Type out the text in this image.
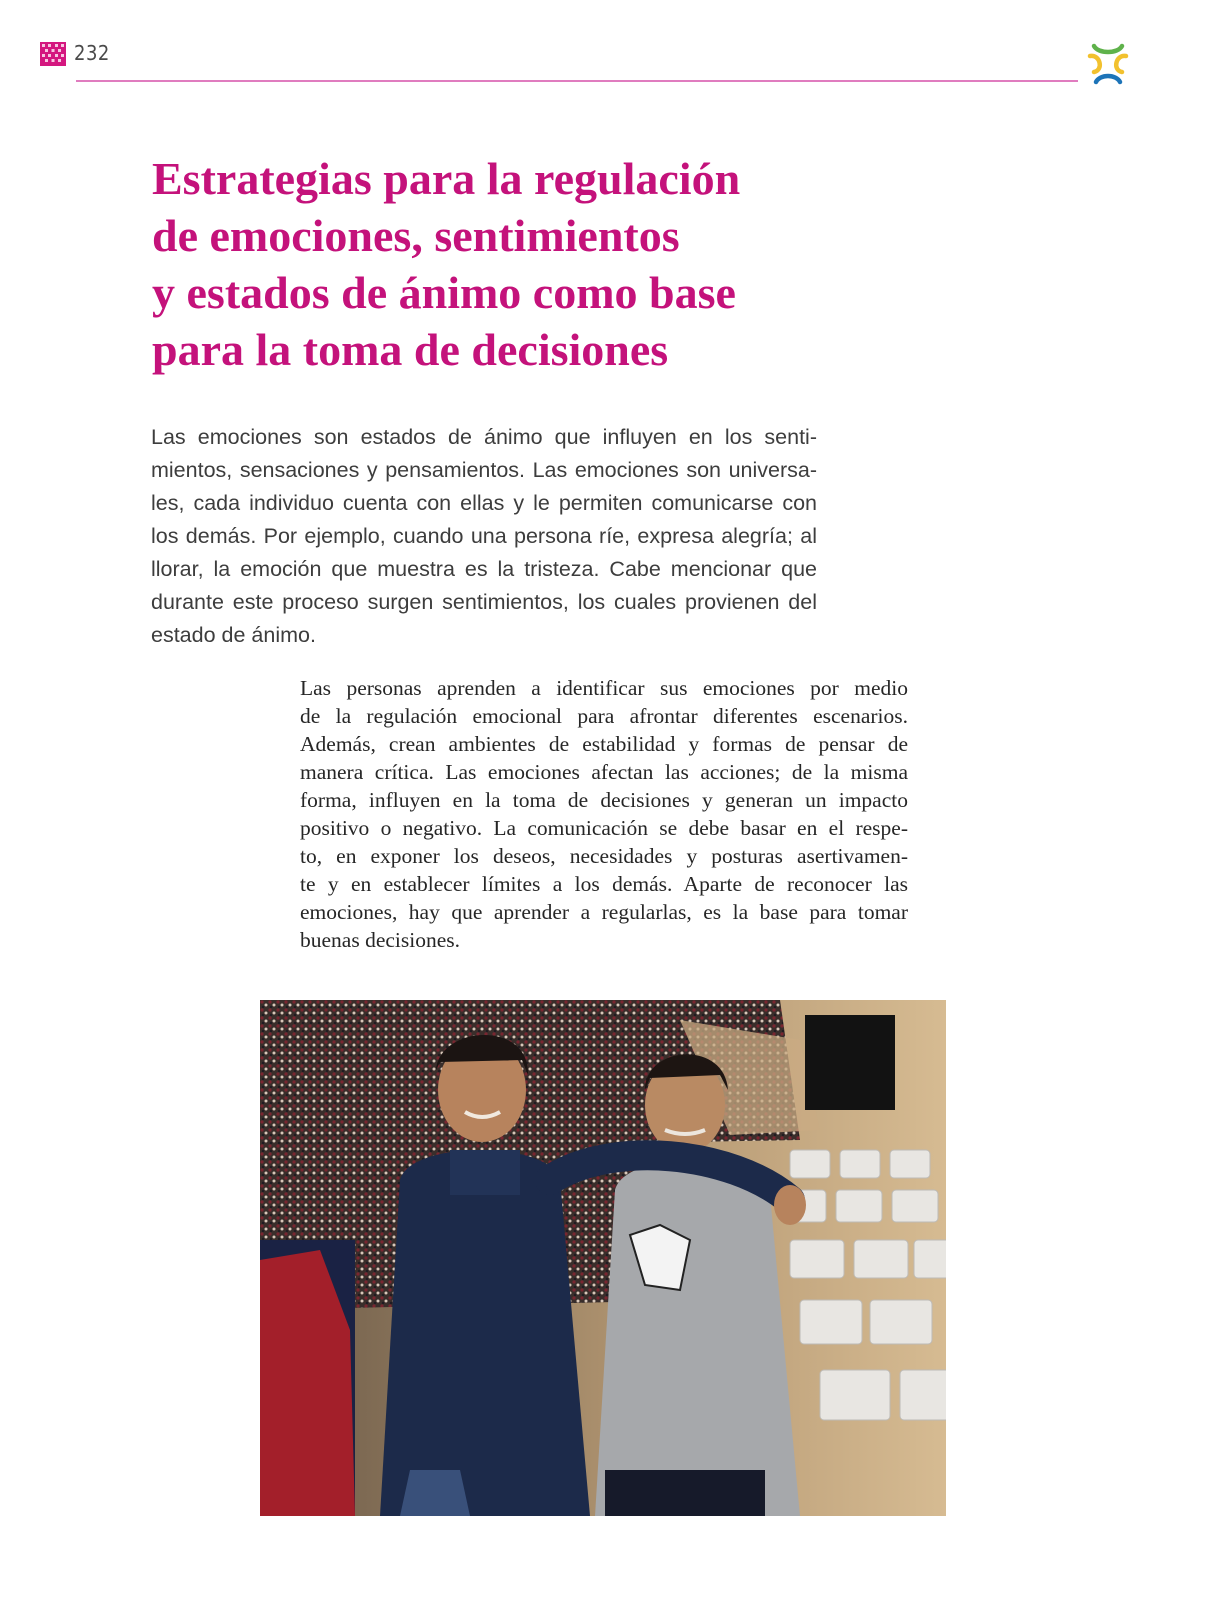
232
Estrategias para la regulación
de emociones, sentimientos
y estados de ánimo como base
para la toma de decisiones

Las emociones son estados de ánimo que influyen en los senti-
mientos, sensaciones y pensamientos. Las emociones son universa-
les, cada individuo cuenta con ellas y le permiten comunicarse con
los demás. Por ejemplo, cuando una persona ríe, expresa alegría; al
llorar, la emoción que muestra es la tristeza. Cabe mencionar que
durante este proceso surgen sentimientos, los cuales provienen del
estado de ánimo.

Las personas aprenden a identificar sus emociones por medio
de la regulación emocional para afrontar diferentes escenarios.
Además, crean ambientes de estabilidad y formas de pensar de
manera crítica. Las emociones afectan las acciones; de la misma
forma, influyen en la toma de decisiones y generan un impacto
positivo o negativo. La comunicación se debe basar en el respe-
to, en exponer los deseos, necesidades y posturas asertivamen-
te y en establecer límites a los demás. Aparte de reconocer las
emociones, hay que aprender a regularlas, es la base para tomar
buenas decisiones.
